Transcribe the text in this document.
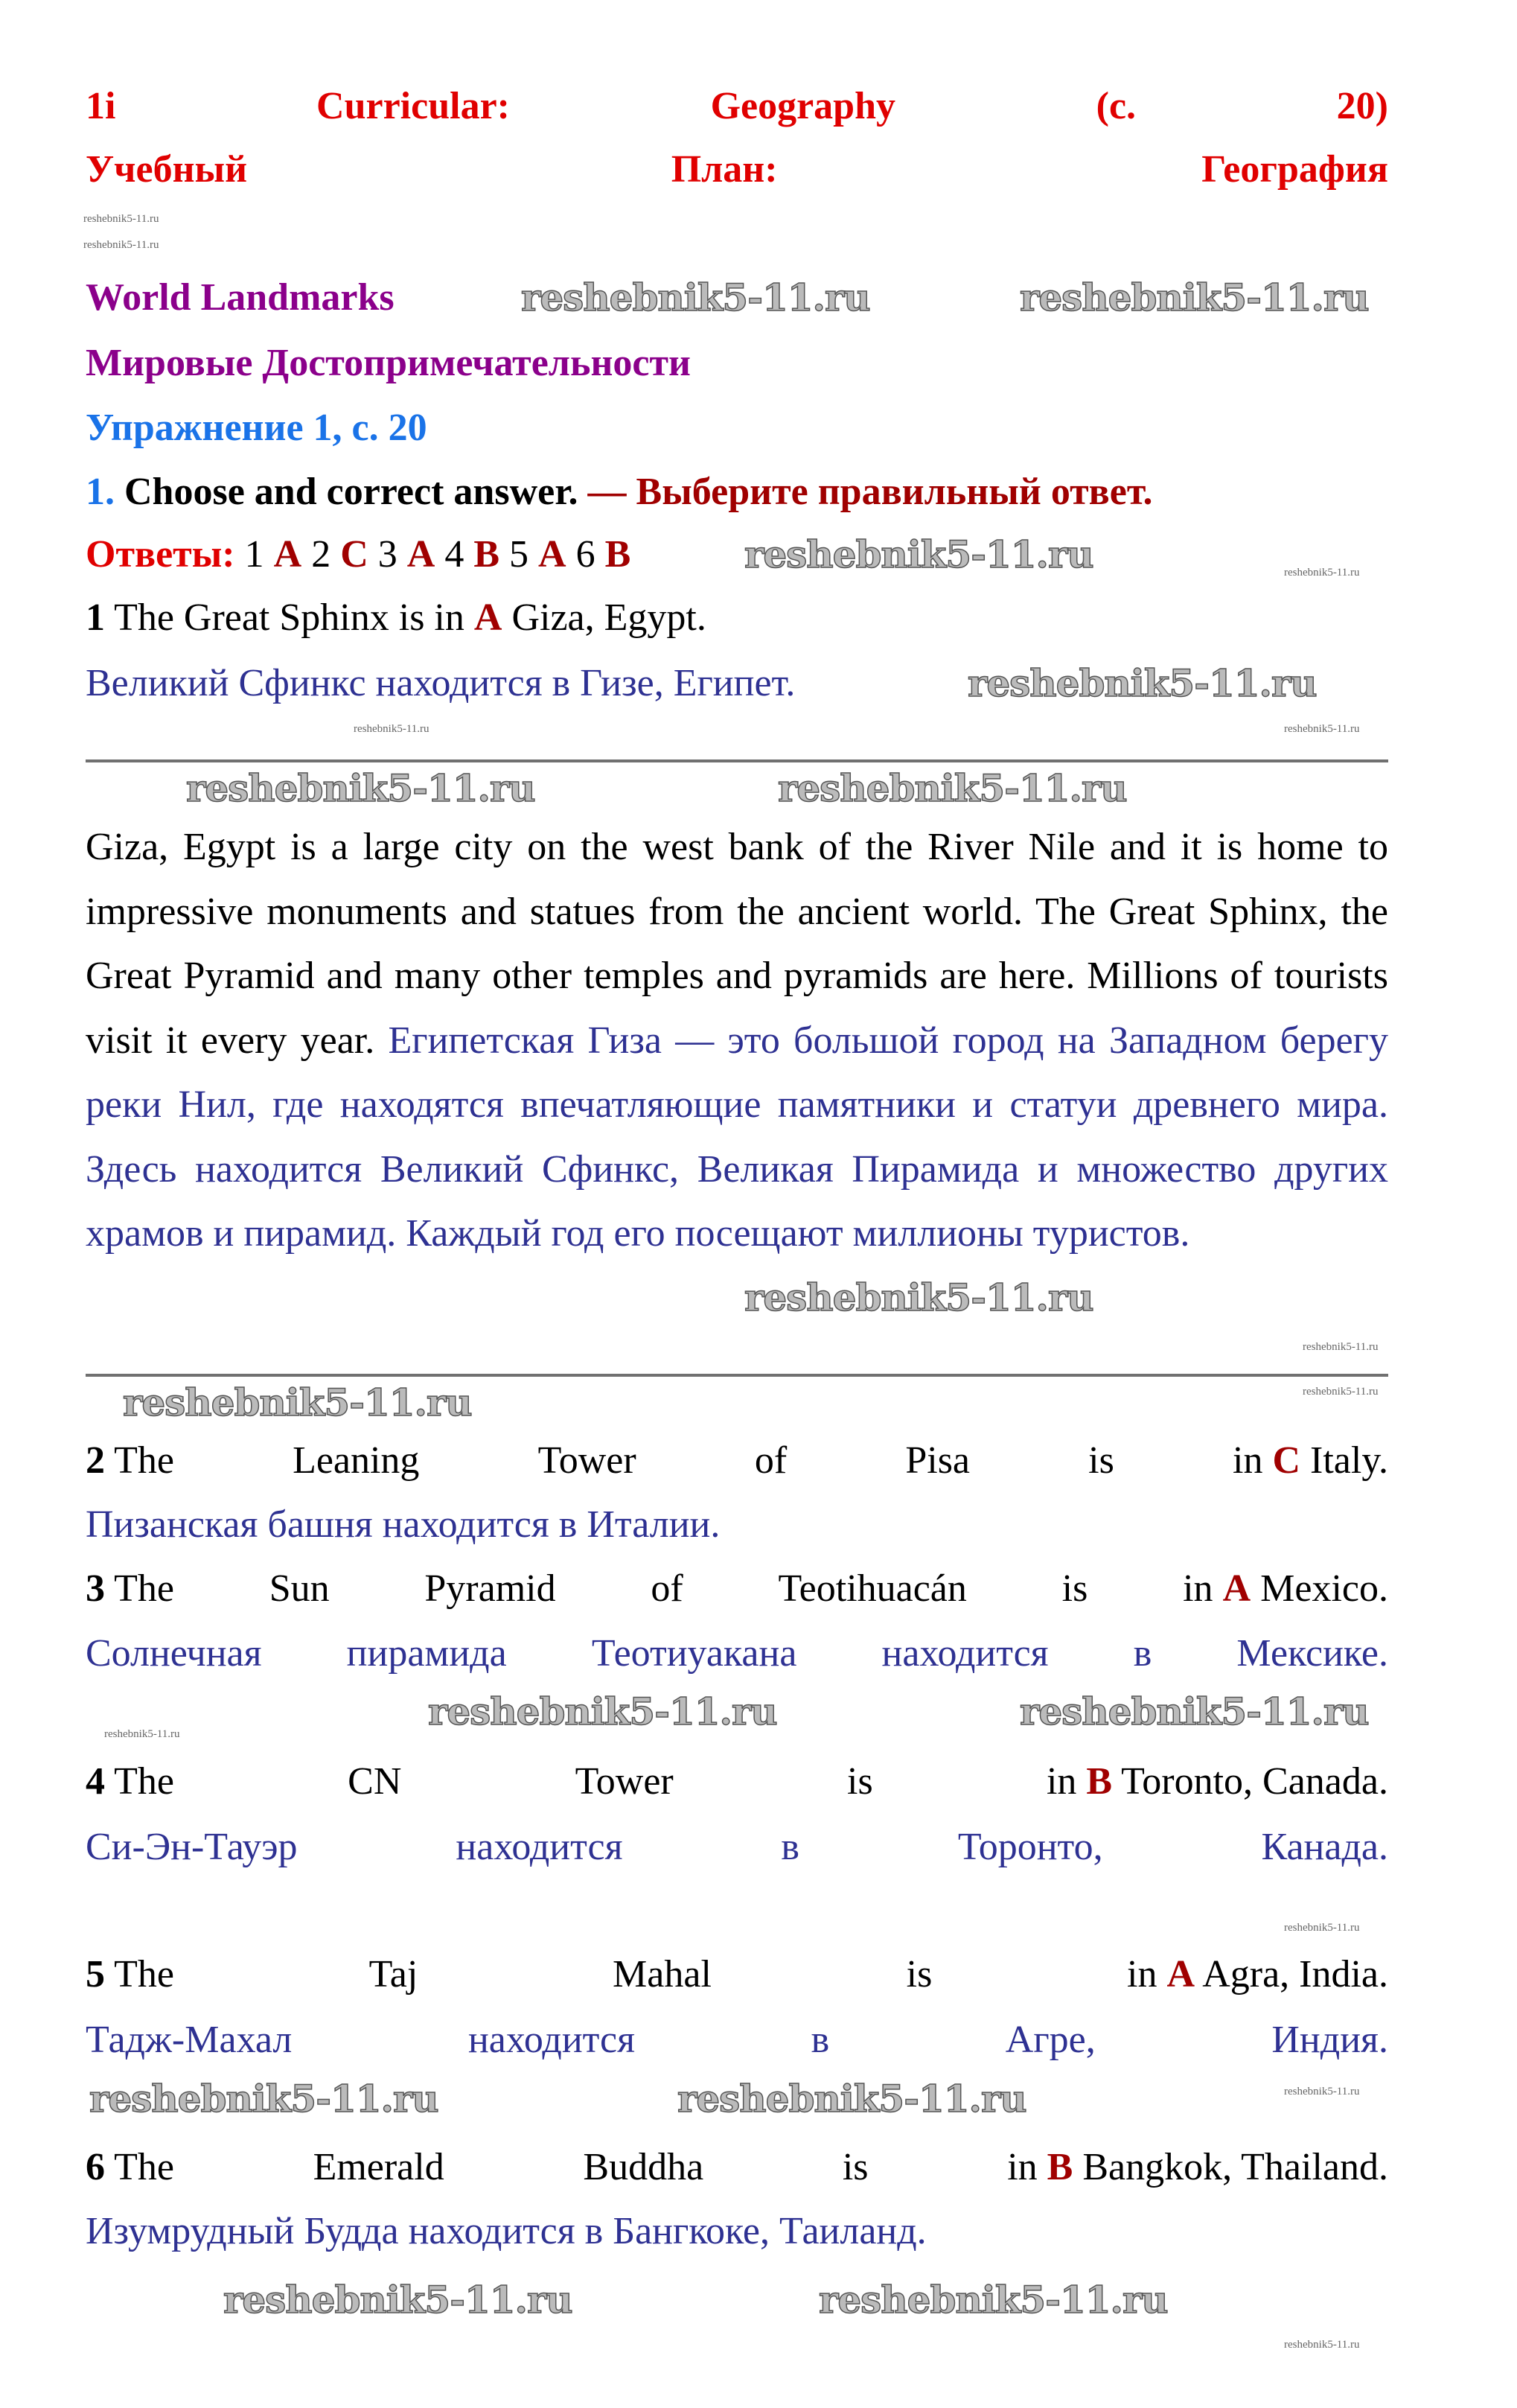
1i	Curricular:	Geography	(c.	20)
Учебный	План:	География
World Landmarks
Мировые Достопримечательности
Упражнение 1, с. 20
1. Choose and correct answer. — Выберите правильный ответ.
Ответы: 1 A 2 C 3 A 4 B 5 A 6 B
1 The Great Sphinx is in A Giza, Egypt.
Великий Сфинкс находится в Гизе, Египет.
Giza, Egypt is a large city on the west bank of the River Nile and it is home to impressive monuments and statues from the ancient world. The Great Sphinx, the Great Pyramid and many other temples and pyramids are here. Millions of tourists visit it every year. Египетская Гиза — это большой город на Западном берегу реки Нил, где находятся впечатляющие памятники и статуи древнего мира. Здесь находится Великий Сфинкс, Великая Пирамида и множество других храмов и пирамид. Каждый год его посещают миллионы туристов.
2 The	Leaning	Tower	of	Pisa	is	in C Italy.
Пизанская башня находится в Италии.
3 The Sun Pyramid of Teotihuacán is in A Mexico.
Солнечная пирамида Теотиуакана находится в Мексике.
4 The	CN	Tower	is	in B Toronto, Canada.
Си-Эн-Тауэр	находится	в	Торонто,	Канада.
5 The	Taj	Mahal	is	in A Agra, India.
Тадж-Махал	находится	в	Агре,	Индия.
6 The	Emerald	Buddha	is	in B Bangkok, Thailand.
Изумрудный Будда находится в Бангкоке, Таиланд.
reshebnik5-11.ru	reshebnik5-11.ru
reshebnik5-11.ru
reshebnik5-11.ru
reshebnik5-11.ru	reshebnik5-11.ru
reshebnik5-11.ru
reshebnik5-11.ru
reshebnik5-11.ru	reshebnik5-11.ru
reshebnik5-11.ru	reshebnik5-11.ru
reshebnik5-11.ru	reshebnik5-11.ru
reshebnik5-11.ru
reshebnik5-11.ru
reshebnik5-11.ru
reshebnik5-11.ru	reshebnik5-11.ru
reshebnik5-11.ru
reshebnik5-11.ru
reshebnik5-11.ru
reshebnik5-11.ru
reshebnik5-11.ru
reshebnik5-11.ru
